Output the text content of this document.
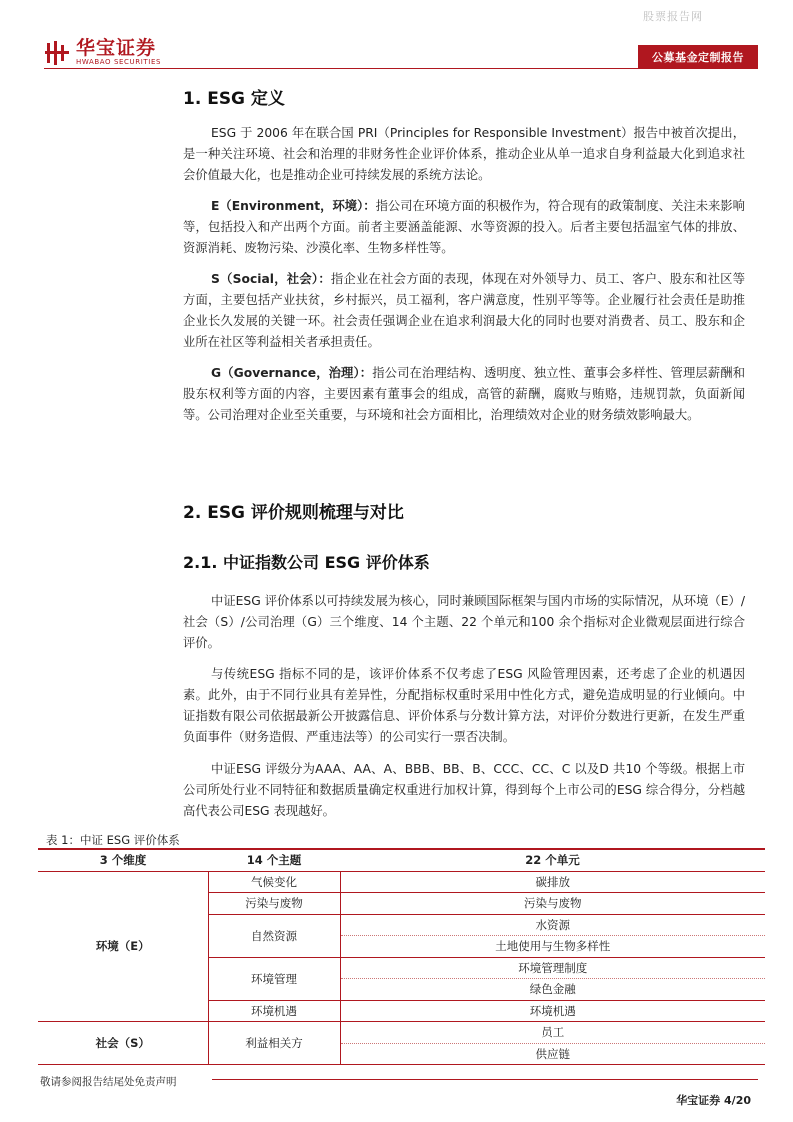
股票报告网
华宝证券
HWABAO SECURITIES	公募基金定制报告
1. ESG 定义
ESG 于 2006 年在联合国 PRI（Principles for Responsible Investment）报告中被首次提出，是一种关注环境、社会和治理的非财务性企业评价体系，推动企业从单一追求自身利益最大化到追求社会价值最大化，也是推动企业可持续发展的系统方法论。
E（Environment，环境）：指公司在环境方面的积极作为，符合现有的政策制度、关注未来影响等，包括投入和产出两个方面。前者主要涵盖能源、水等资源的投入。后者主要包括温室气体的排放、资源消耗、废物污染、沙漠化率、生物多样性等。
S（Social，社会）：指企业在社会方面的表现，体现在对外领导力、员工、客户、股东和社区等方面，主要包括产业扶贫，乡村振兴，员工福利，客户满意度，性别平等等。企业履行社会责任是助推企业长久发展的关键一环。社会责任强调企业在追求利润最大化的同时也要对消费者、员工、股东和企业所在社区等利益相关者承担责任。
G（Governance，治理）：指公司在治理结构、透明度、独立性、董事会多样性、管理层薪酬和股东权利等方面的内容，主要因素有董事会的组成，高管的薪酬，腐败与贿赂，违规罚款，负面新闻等。公司治理对企业至关重要，与环境和社会方面相比，治理绩效对企业的财务绩效影响最大。
2. ESG 评价规则梳理与对比
2.1. 中证指数公司 ESG 评价体系
中证ESG 评价体系以可持续发展为核心，同时兼顾国际框架与国内市场的实际情况，从环境（E）/社会（S）/公司治理（G）三个维度、14 个主题、22 个单元和100 余个指标对企业微观层面进行综合评价。
与传统ESG 指标不同的是，该评价体系不仅考虑了ESG 风险管理因素，还考虑了企业的机遇因素。此外，由于不同行业具有差异性，分配指标权重时采用中性化方式，避免造成明显的行业倾向。中证指数有限公司依据最新公开披露信息、评价体系与分数计算方法，对评价分数进行更新，在发生严重负面事件（财务造假、严重违法等）的公司实行一票否决制。
中证ESG 评级分为AAA、AA、A、BBB、BB、B、CCC、CC、C 以及D 共10 个等级。根据上市公司所处行业不同特征和数据质量确定权重进行加权计算，得到每个上市公司的ESG 综合得分，分档越高代表公司ESG 表现越好。
表 1：中证 ESG 评价体系
3 个维度	14 个主题	22 个单元
环境（E）	气候变化	碳排放
	污染与废物	污染与废物
	自然资源	水资源
		土地使用与生物多样性
	环境管理	环境管理制度
		绿色金融
	环境机遇	环境机遇
社会（S）	利益相关方	员工
		供应链
敬请参阅报告结尾处免责声明
华宝证券 4/20
